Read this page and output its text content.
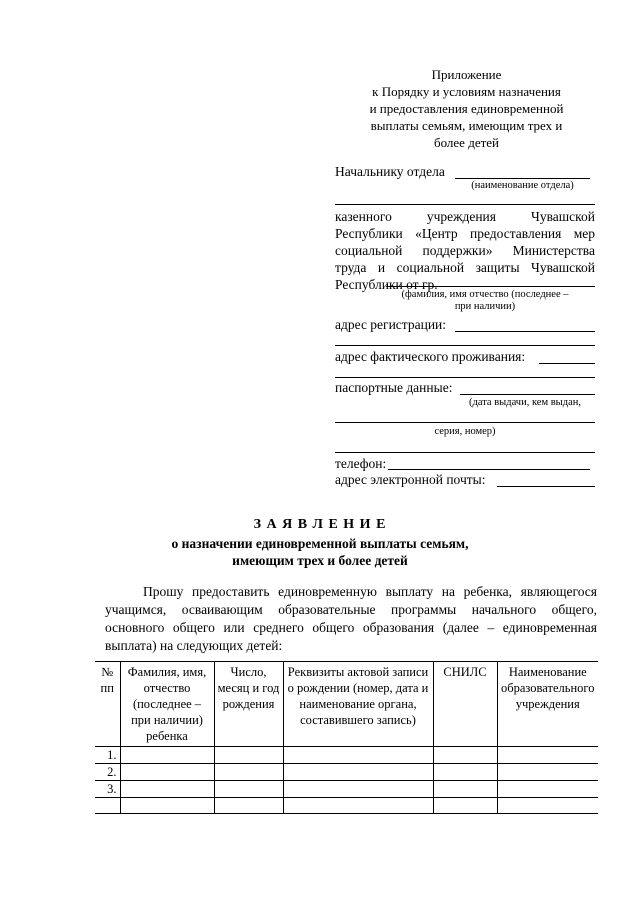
Приложение
к Порядку и условиям назначения
и предоставления единовременной
выплаты семьям, имеющим трех и
более детей
Начальнику отдела
(наименование отдела)
казенного учреждения Чувашской Республики «Центр предоставления мер социальной поддержки» Министерства труда и социальной защиты Чувашской Республики от гр.
(фамилия, имя отчество (последнее –
при наличии)
адрес регистрации:
адрес фактического проживания:
паспортные данные:
(дата выдачи, кем выдан,
серия, номер)
телефон:
адрес электронной почты:
З А Я В Л Е Н И Е
о назначении единовременной выплаты семьям,
имеющим трех и более детей
Прошу предоставить единовременную выплату на ребенка, являющегося учащимся, осваивающим образовательные программы начального общего, основного общего или среднего общего образования (далее – единовременная выплата) на следующих детей:
№ пп	Фамилия, имя, отчество (последнее – при наличии) ребенка	Число, месяц и год рождения	Реквизиты актовой записи о рождении (номер, дата и наименование органа, составившего запись)	СНИЛС	Наименование образовательного учреждения
1.					
2.					
3.					
